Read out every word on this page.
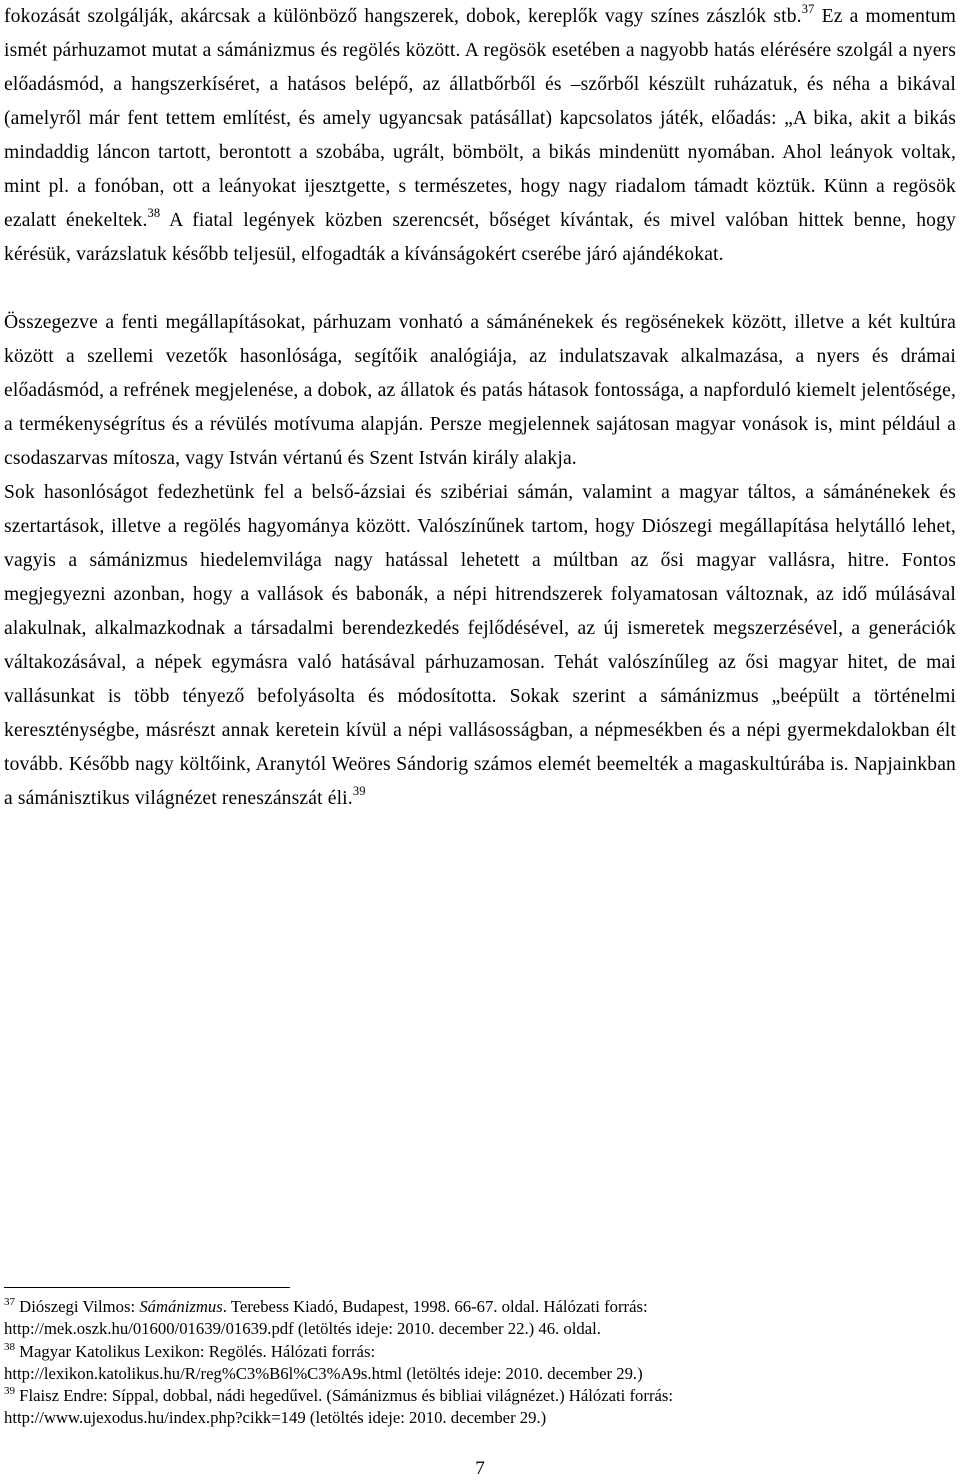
fokozását szolgálják, akárcsak a különböző hangszerek, dobok, kereplők vagy színes zászlók stb.$^{37}$ Ez a momentum ismét párhuzamot mutat a sámánizmus és regölés között. A regösök esetében a nagyobb hatás elérésére szolgál a nyers előadásmód, a hangszerkíséret, a hatásos belépő, az állatbőrből és –szőrből készült ruházatuk, és néha a bikával (amelyről már fent tettem említést, és amely ugyancsak patásállat) kapcsolatos játék, előadás: „A bika, akit a bikás mindaddig láncon tartott, berontott a szobába, ugrált, bömbölt, a bikás mindenütt nyomában. Ahol leányok voltak, mint pl. a fonóban, ott a leányokat ijesztgette, s természetes, hogy nagy riadalom támadt köztük. Künn a regösök ezalatt énekeltek.$^{38}$ A fiatal legények közben szerencsét, bőséget kívántak, és mivel valóban hittek benne, hogy kérésük, varázslatuk később teljesül, elfogadták a kívánságokért cserébe járó ajándékokat.

Összegezve a fenti megállapításokat, párhuzam vonható a sámánénekek és regösénekek között, illetve a két kultúra között a szellemi vezetők hasonlósága, segítőik analógiája, az indulatszavak alkalmazása, a nyers és drámai előadásmód, a refrének megjelenése, a dobok, az állatok és patás hátasok fontossága, a napforduló kiemelt jelentősége, a termékenységrítus és a révülés motívuma alapján. Persze megjelennek sajátosan magyar vonások is, mint például a csodaszarvas mítosza, vagy István vértanú és Szent István király alakja.

Sok hasonlóságot fedezhetünk fel a belső-ázsiai és szibériai sámán, valamint a magyar táltos, a sámánénekek és szertartások, illetve a regölés hagyománya között. Valószínűnek tartom, hogy Diószegi megállapítása helytálló lehet, vagyis a sámánizmus hiedelemvilága nagy hatással lehetett a múltban az ősi magyar vallásra, hitre. Fontos megjegyezni azonban, hogy a vallások és babonák, a népi hitrendszerek folyamatosan változnak, az idő múlásával alakulnak, alkalmazkodnak a társadalmi berendezkedés fejlődésével, az új ismeretek megszerzésével, a generációk váltakozásával, a népek egymásra való hatásával párhuzamosan. Tehát valószínűleg az ősi magyar hitet, de mai vallásunkat is több tényező befolyásolta és módosította. Sokak szerint a sámánizmus „beépült a történelmi kereszténységbe, másrészt annak keretein kívül a népi vallásosságban, a népmesékben és a népi gyermekdalokban élt tovább. Később nagy költőink, Aranytól Weöres Sándorig számos elemét beemelték a magaskultúrába is. Napjainkban a sámánisztikus világnézet reneszánszát éli.$^{39}$

$^{37}$ Diószegi Vilmos: Sámánizmus. Terebess Kiadó, Budapest, 1998. 66-67. oldal. Hálózati forrás:
http://mek.oszk.hu/01600/01639/01639.pdf (letöltés ideje: 2010. december 22.) 46. oldal.

$^{38}$ Magyar Katolikus Lexikon: Regölés. Hálózati forrás:
http://lexikon.katolikus.hu/R/reg%C3%B6l%C3%A9s.html (letöltés ideje: 2010. december 29.)

$^{39}$ Flaisz Endre: Síppal, dobbal, nádi hegedűvel. (Sámánizmus és bibliai világnézet.) Hálózati forrás:
http://www.ujexodus.hu/index.php?cikk=149 (letöltés ideje: 2010. december 29.)

7
